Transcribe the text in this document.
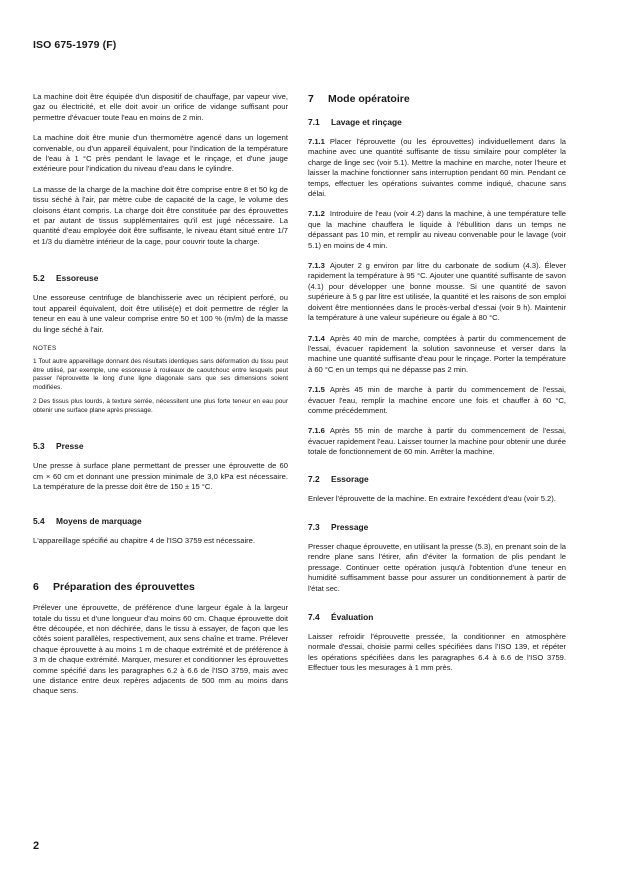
ISO 675-1979 (F)

La machine doit être équipée d'un dispositif de chauffage, par vapeur vive, gaz ou électricité, et elle doit avoir un orifice de vidange suffisant pour permettre d'évacuer toute l'eau en moins de 2 min.

La machine doit être munie d'un thermomètre agencé dans un logement convenable, ou d'un appareil équivalent, pour l'indication de la température de l'eau à 1 °C près pendant le lavage et le rinçage, et d'une jauge extérieure pour l'indication du niveau d'eau dans le cylindre.

La masse de la charge de la machine doit être comprise entre 8 et 50 kg de tissu séché à l'air, par mètre cube de capacité de la cage, le volume des cloisons étant compris. La charge doit être constituée par des éprouvettes et par autant de tissus supplémentaires qu'il est jugé nécessaire. La quantité d'eau employée doit être suffisante, le niveau étant situé entre 1/7 et 1/3 du diamètre intérieur de la cage, pour couvrir toute la charge.

5.2 Essoreuse

Une essoreuse centrifuge de blanchisserie avec un récipient perforé, ou tout appareil équivalent, doit être utilisé(e) et doit permettre de régler la teneur en eau à une valeur comprise entre 50 et 100 % (m/m) de la masse du linge séché à l'air.

NOTES

1 Tout autre appareillage donnant des résultats identiques sans déformation du tissu peut être utilisé, par exemple, une essoreuse à rouleaux de caoutchouc entre lesquels peut passer l'éprouvette le long d'une ligne diagonale sans que ses dimensions soient modifiées.

2 Des tissus plus lourds, à texture serrée, nécessitent une plus forte teneur en eau pour obtenir une surface plane après pressage.

5.3 Presse

Une presse à surface plane permettant de presser une éprouvette de 60 cm × 60 cm et donnant une pression minimale de 3,0 kPa est nécessaire. La température de la presse doit être de 150 ± 15 °C.

5.4 Moyens de marquage

L'appareillage spécifié au chapitre 4 de l'ISO 3759 est nécessaire.

6 Préparation des éprouvettes

Prélever une éprouvette, de préférence d'une largeur égale à la largeur totale du tissu et d'une longueur d'au moins 60 cm. Chaque éprouvette doit être découpée, et non déchirée, dans le tissu à essayer, de façon que les côtés soient parallèles, respectivement, aux sens chaîne et trame. Prélever chaque éprouvette à au moins 1 m de chaque extrémité et de préférence à 3 m de chaque extrémité. Marquer, mesurer et conditionner les éprouvettes comme spécifié dans les paragraphes 6.2 à 6.6 de l'ISO 3759, mais avec une distance entre deux repères adjacents de 500 mm au moins dans chaque sens.

7 Mode opératoire
7.1 Lavage et rinçage

7.1.1 Placer l'éprouvette (ou les éprouvettes) individuellement dans la machine avec une quantité suffisante de tissu similaire pour compléter la charge de linge sec (voir 5.1). Mettre la machine en marche, noter l'heure et laisser la machine fonctionner sans interruption pendant 60 min. Pendant ce temps, effectuer les opérations suivantes comme indiqué, chacune sans délai.

7.1.2 Introduire de l'eau (voir 4.2) dans la machine, à une température telle que la machine chauffera le liquide à l'ébullition dans un temps ne dépassant pas 10 min, et remplir au niveau convenable pour le lavage (voir 5.1) en moins de 4 min.

7.1.3 Ajouter 2 g environ par litre du carbonate de sodium (4.3). Élever rapidement la température à 95 °C. Ajouter une quantité suffisante de savon (4.1) pour développer une bonne mousse. Si une quantité de savon supérieure à 5 g par litre est utilisée, la quantité et les raisons de son emploi doivent être mentionnées dans le procès-verbal d'essai (voir 9 h). Maintenir la température à une valeur supérieure ou égale à 80 °C.

7.1.4 Après 40 min de marche, comptées à partir du commencement de l'essai, évacuer rapidement la solution savonneuse et verser dans la machine une quantité suffisante d'eau pour le rinçage. Porter la température à 60 °C en un temps qui ne dépasse pas 2 min.

7.1.5 Après 45 min de marche à partir du commencement de l'essai, évacuer l'eau, remplir la machine encore une fois et chauffer à 60 °C, comme précédemment.

7.1.6 Après 55 min de marche à partir du commencement de l'essai, évacuer rapidement l'eau. Laisser tourner la machine pour obtenir une durée totale de fonctionnement de 60 min. Arrêter la machine.

7.2 Essorage

Enlever l'éprouvette de la machine. En extraire l'excédent d'eau (voir 5.2).

7.3 Pressage

Presser chaque éprouvette, en utilisant la presse (5.3), en prenant soin de la rendre plane sans l'étirer, afin d'éviter la formation de plis pendant le pressage. Continuer cette opération jusqu'à l'obtention d'une teneur en humidité suffisamment basse pour assurer un conditionnement à partir de l'état sec.

7.4 Évaluation

Laisser refroidir l'éprouvette pressée, la conditionner en atmosphère normale d'essai, choisie parmi celles spécifiées dans l'ISO 139, et répéter les opérations spécifiées dans les paragraphes 6.4 à 6.6 de l'ISO 3759. Effectuer tous les mesurages à 1 mm près.

2
